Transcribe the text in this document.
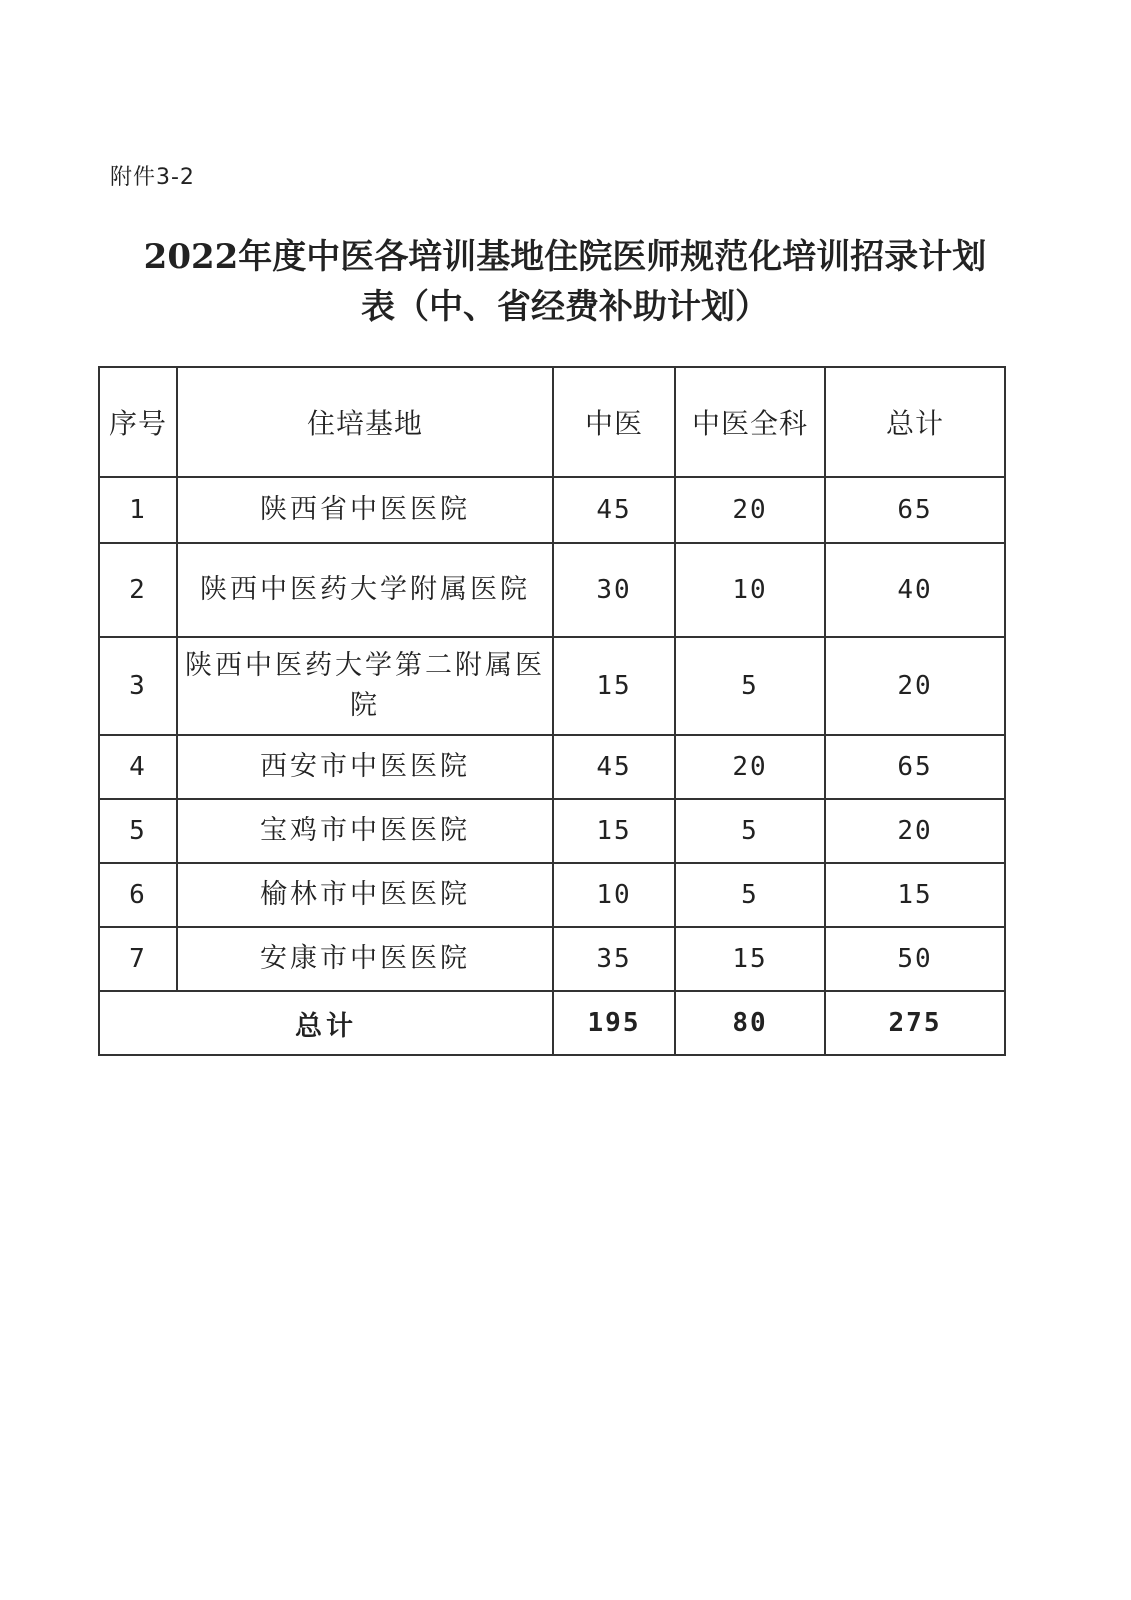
附件3-2
2022年度中医各培训基地住院医师规范化培训招录计划
表（中、省经费补助计划）
序号	住培基地	中医	中医全科	总计
1	陕西省中医医院	45	20	65
2	陕西中医药大学附属医院	30	10	40
3	陕西中医药大学第二附属医院	15	5	20
4	西安市中医医院	45	20	65
5	宝鸡市中医医院	15	5	20
6	榆林市中医医院	10	5	15
7	安康市中医医院	35	15	50
总计		195	80	275
